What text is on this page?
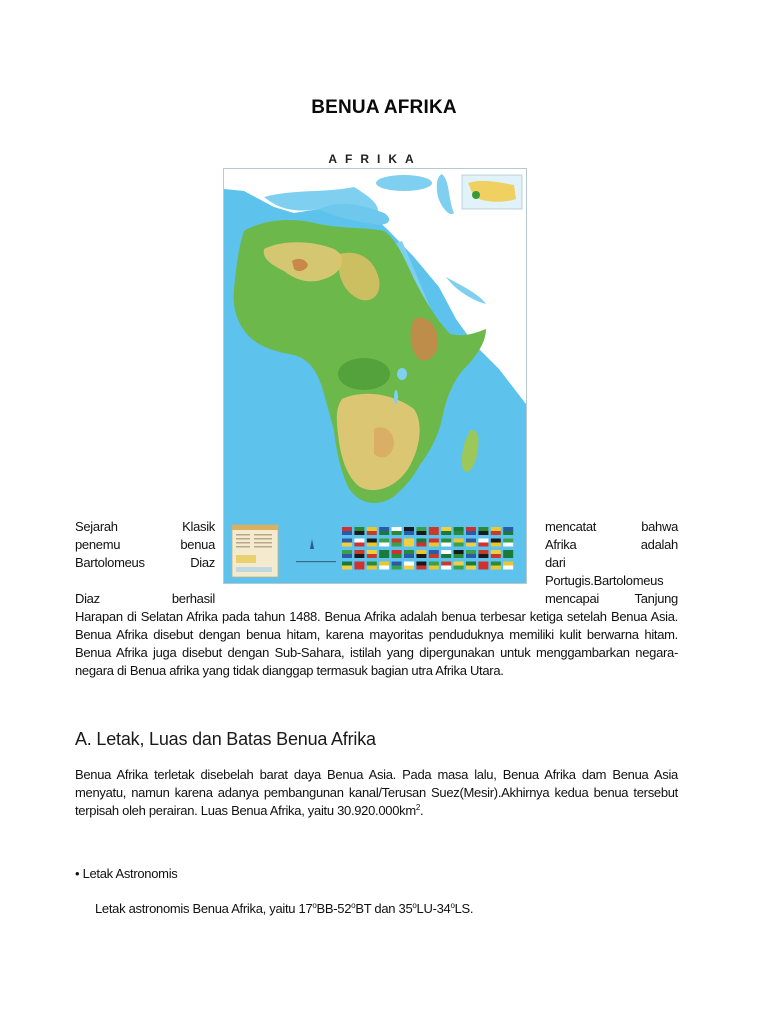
BENUA AFRIKA
AFRIKA
Sejarah	Klasik
penemu	benua
Bartolomeus	Diaz
Diaz	berhasil
mencatat	bahwa
Afrika	adalah
dari
Portugis.Bartolomeus
mencapai	Tanjung
Harapan di Selatan Afrika pada tahun 1488. Benua Afrika adalah benua terbesar ketiga setelah Benua Asia. Benua Afrika disebut dengan benua hitam, karena mayoritas penduduknya memiliki kulit berwarna hitam. Benua Afrika juga disebut dengan Sub-Sahara, istilah yang dipergunakan untuk menggambarkan negara-negara di Benua afrika yang tidak dianggap termasuk bagian utra Afrika Utara.
A. Letak, Luas dan Batas Benua Afrika
Benua Afrika terletak disebelah barat daya Benua Asia. Pada masa lalu, Benua Afrika dam Benua Asia menyatu, namun karena adanya pembangunan kanal/Terusan Suez(Mesir).Akhirnya kedua benua tersebut terpisah oleh perairan. Luas Benua Afrika, yaitu $30.920.000km^2$.
• Letak Astronomis
Letak astronomis Benua Afrika, yaitu 17$^o$BB-52$^o$BT dan 35$^o$LU-34$^o$LS.
